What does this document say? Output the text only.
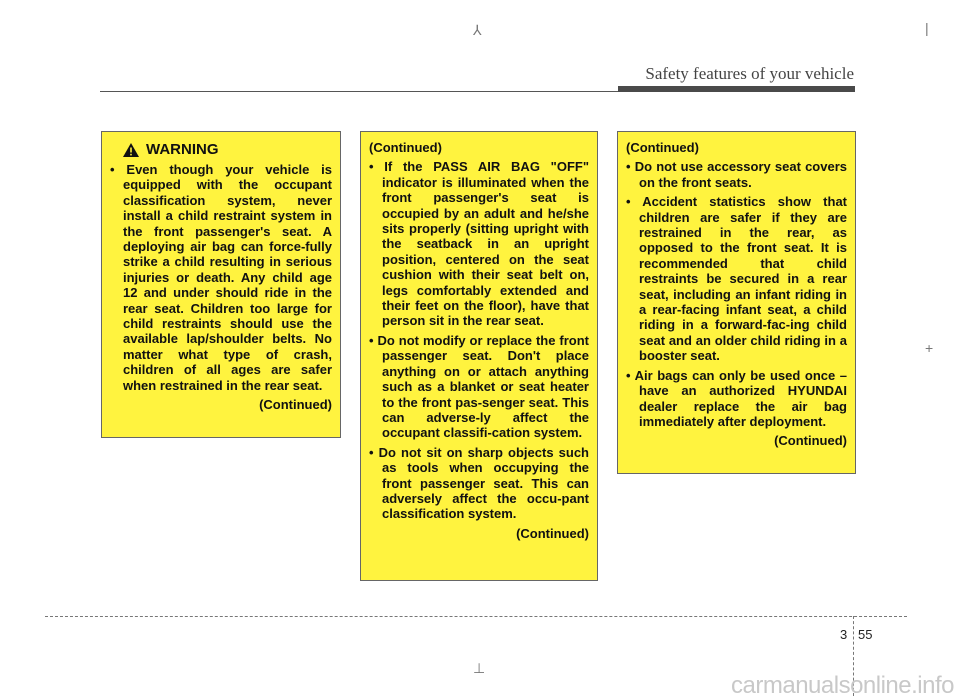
⅄	|
+
Safety features of your vehicle
WARNING

• Even though your vehicle is equipped with the occupant classification system, never install a child restraint system in the front passenger's seat. A deploying air bag can force-fully strike a child resulting in serious injuries or death. Any child age 12 and under should ride in the rear seat. Children too large for child restraints should use the available lap/shoulder belts. No matter what type of crash, children of all ages are safer when restrained in the rear seat.

(Continued)

(Continued)

• If the PASS AIR BAG "OFF" indicator is illuminated when the front passenger's seat is occupied by an adult and he/she sits properly (sitting upright with the seatback in an upright position, centered on the seat cushion with their seat belt on, legs comfortably extended and their feet on the floor), have that person sit in the rear seat.

• Do not modify or replace the front passenger seat. Don't place anything on or attach anything such as a blanket or seat heater to the front pas-senger seat. This can adverse-ly affect the occupant classifi-cation system.

• Do not sit on sharp objects such as tools when occupying the front passenger seat. This can adversely affect the occu-pant classification system.

(Continued)

(Continued)

• Do not use accessory seat covers on the front seats.

• Accident statistics show that children are safer if they are restrained in the rear, as opposed to the front seat. It is recommended that child restraints be secured in a rear seat, including an infant riding in a rear-facing infant seat, a child riding in a forward-fac-ing child seat and an older child riding in a booster seat.

• Air bags can only be used once – have an authorized HYUNDAI dealer replace the air bag immediately after deployment.

(Continued)

3 55
⊥
carmanualsonline.info
